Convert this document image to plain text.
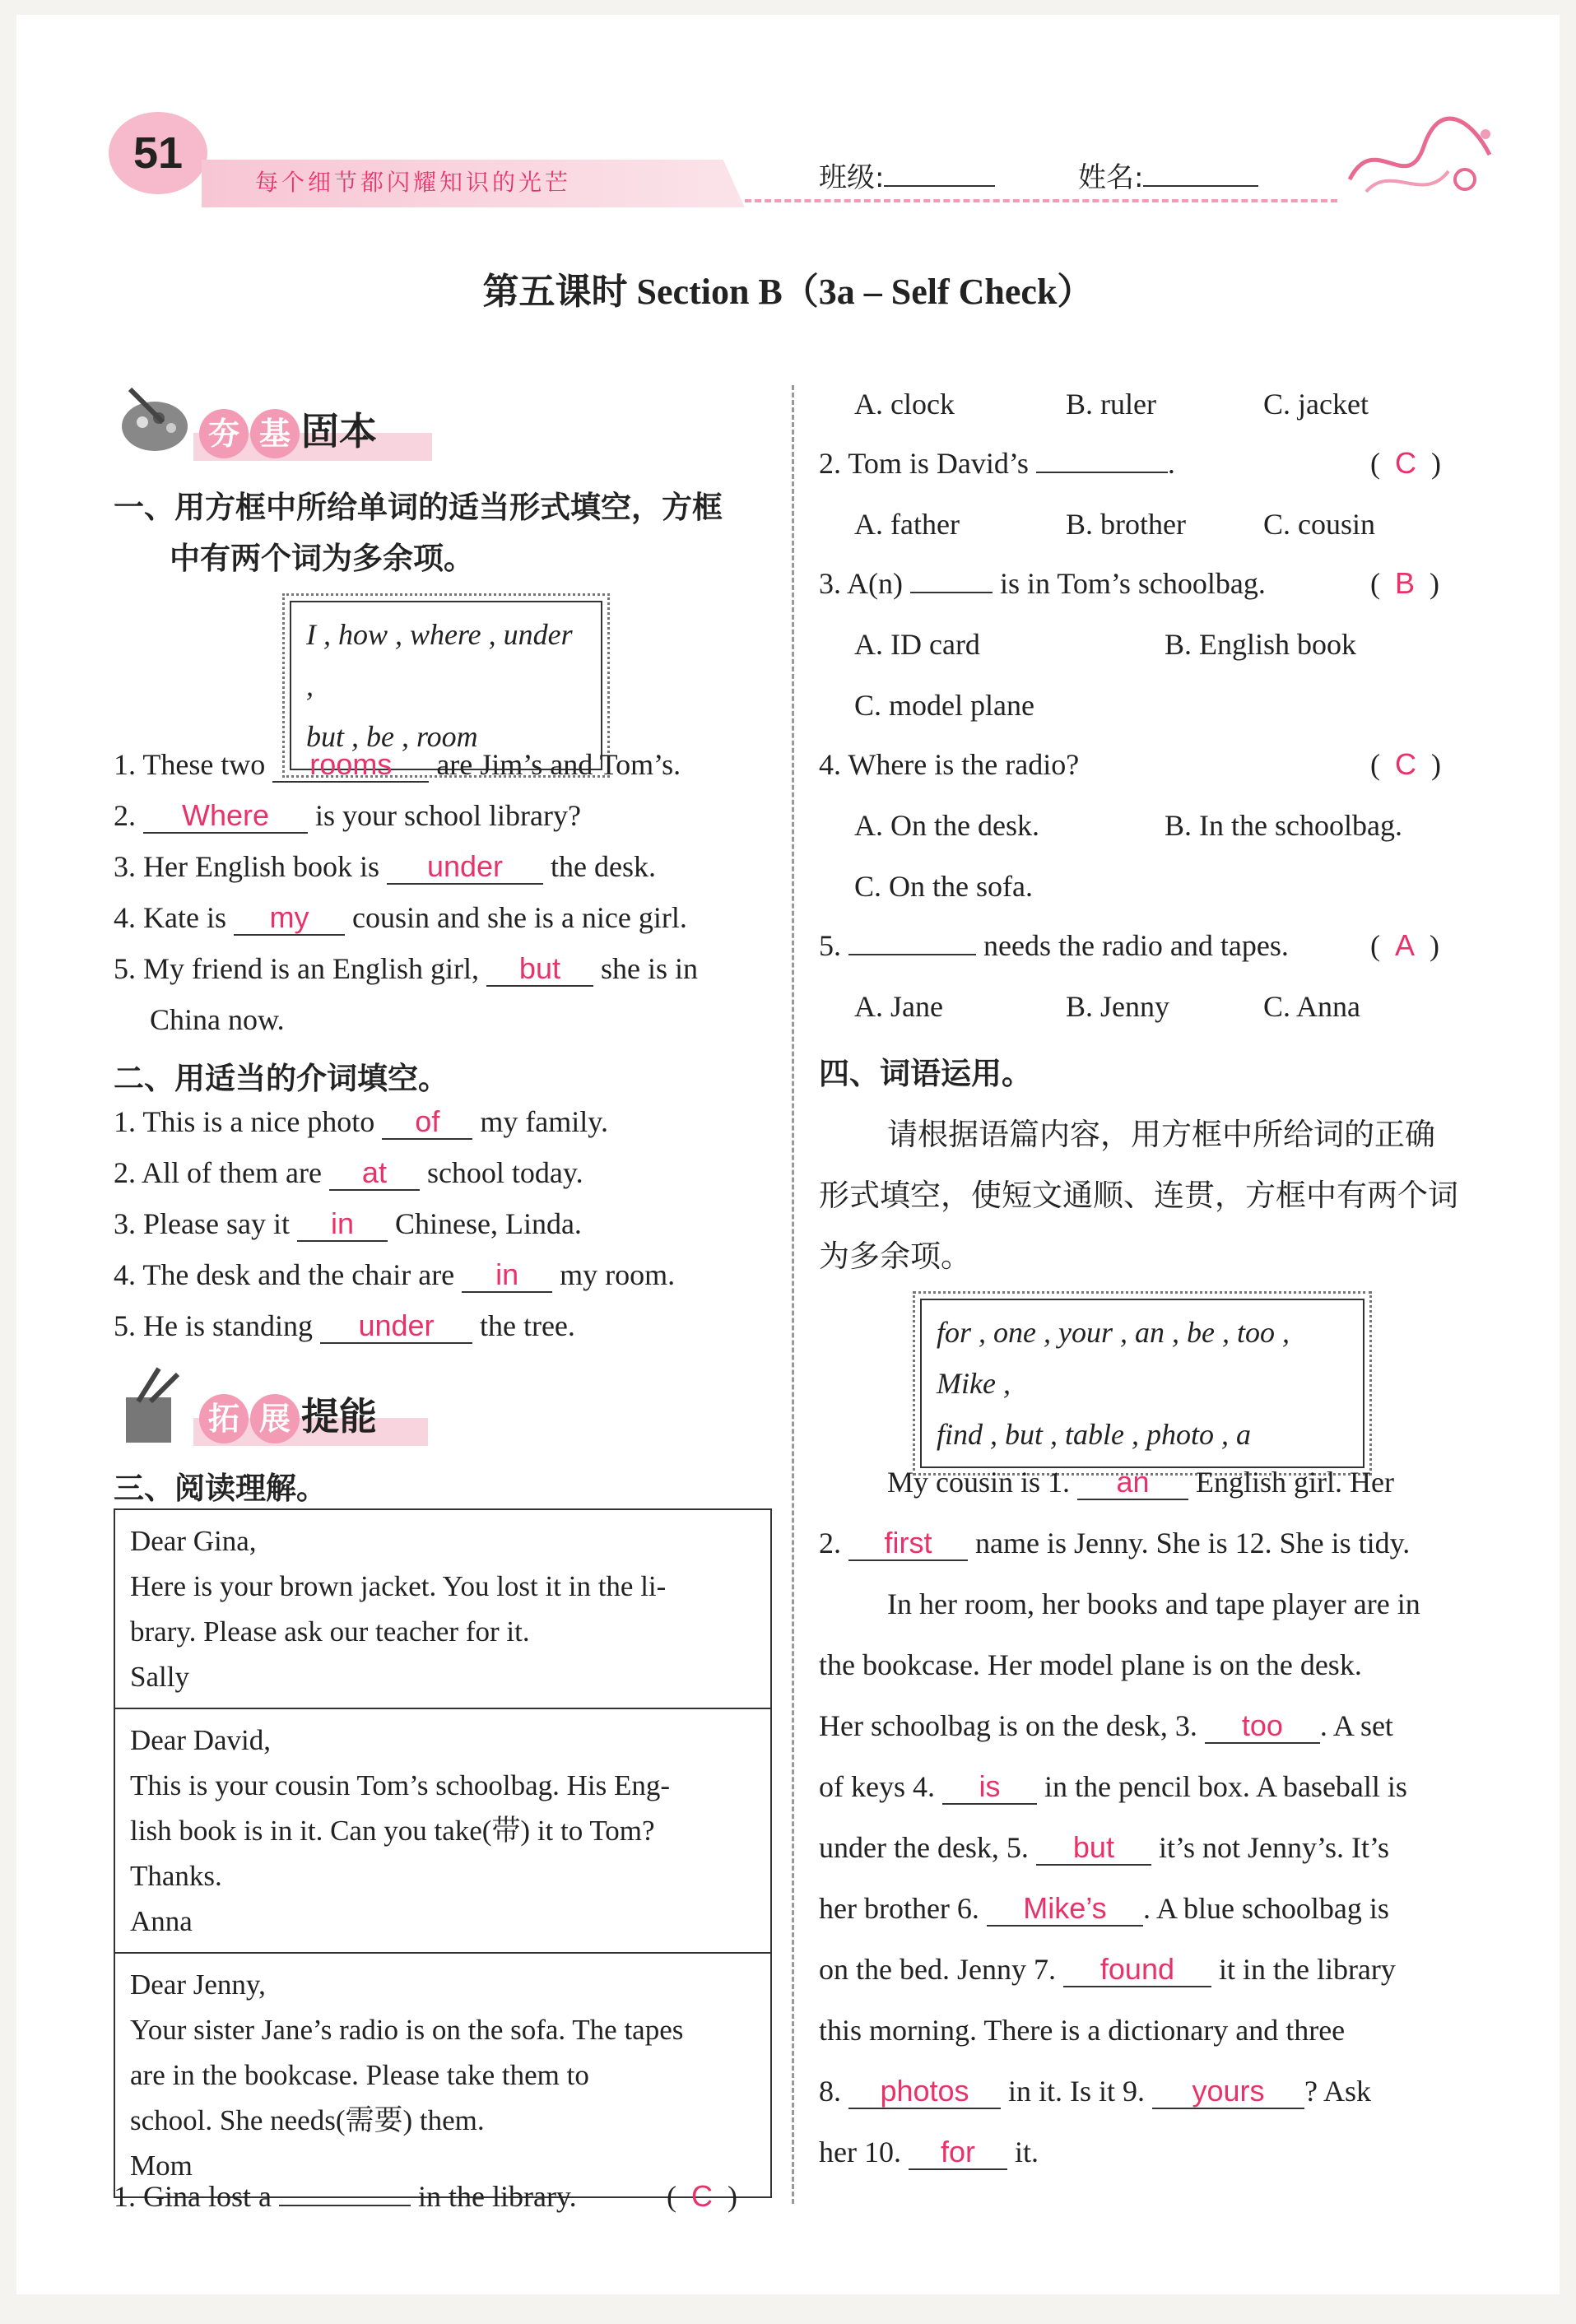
51
每个细节都闪耀知识的光芒	班级:	姓名:
第五课时 Section B（3a – Self Check）
夯 基 固本
一、用方框中所给单词的适当形式填空，方框
中有两个词为多余项。
I , how , where , under ,
but , be , room
1. These two rooms are Jim’s and Tom’s.
2. Where is your school library?
3. Her English book is under the desk.
4. Kate is my cousin and she is a nice girl.
5. My friend is an English girl, but she is in
China now.
二、用适当的介词填空。
1. This is a nice photo of my family.
2. All of them are at school today.
3. Please say it in Chinese, Linda.
4. The desk and the chair are in my room.
5. He is standing under the tree.
拓 展 提能
三、阅读理解。
Dear Gina,
Here is your brown jacket. You lost it in the li-
brary. Please ask our teacher for it.
Sally

Dear David,
This is your cousin Tom’s schoolbag. His Eng-
lish book is in it. Can you take(带) it to Tom?
Thanks.
Anna

Dear Jenny,
Your sister Jane’s radio is on the sofa. The tapes
are in the bookcase. Please take them to
school. She needs(需要) them.
Mom
1. Gina lost a	in the library.	(  C  )
A. clock	B. ruler	C. jacket
2. Tom is David’s	.	(  C  )
A. father	B. brother	C. cousin
3. A(n)	is in Tom’s schoolbag.	(  B  )
A. ID card	B. English book
C. model plane
4. Where is the radio?	(  C  )
A. On the desk.	B. In the schoolbag.
C. On the sofa.
5.	needs the radio and tapes.	(  A  )
A. Jane	B. Jenny	C. Anna
四、词语运用。
请根据语篇内容，用方框中所给词的正确
形式填空，使短文通顺、连贯，方框中有两个词
为多余项。
for , one , your , an , be , too , Mike ,
find , but , table , photo , a
My cousin is 1. an English girl. Her
2. first name is Jenny. She is 12. She is tidy.
In her room, her books and tape player are in
the bookcase. Her model plane is on the desk.
Her schoolbag is on the desk, 3. too . A set
of keys 4. is in the pencil box. A baseball is
under the desk, 5. but it’s not Jenny’s. It’s
her brother 6. Mike’s . A blue schoolbag is
on the bed. Jenny 7. found it in the library
this morning. There is a dictionary and three
8. photos in it. Is it 9. yours ? Ask
her 10. for it.
